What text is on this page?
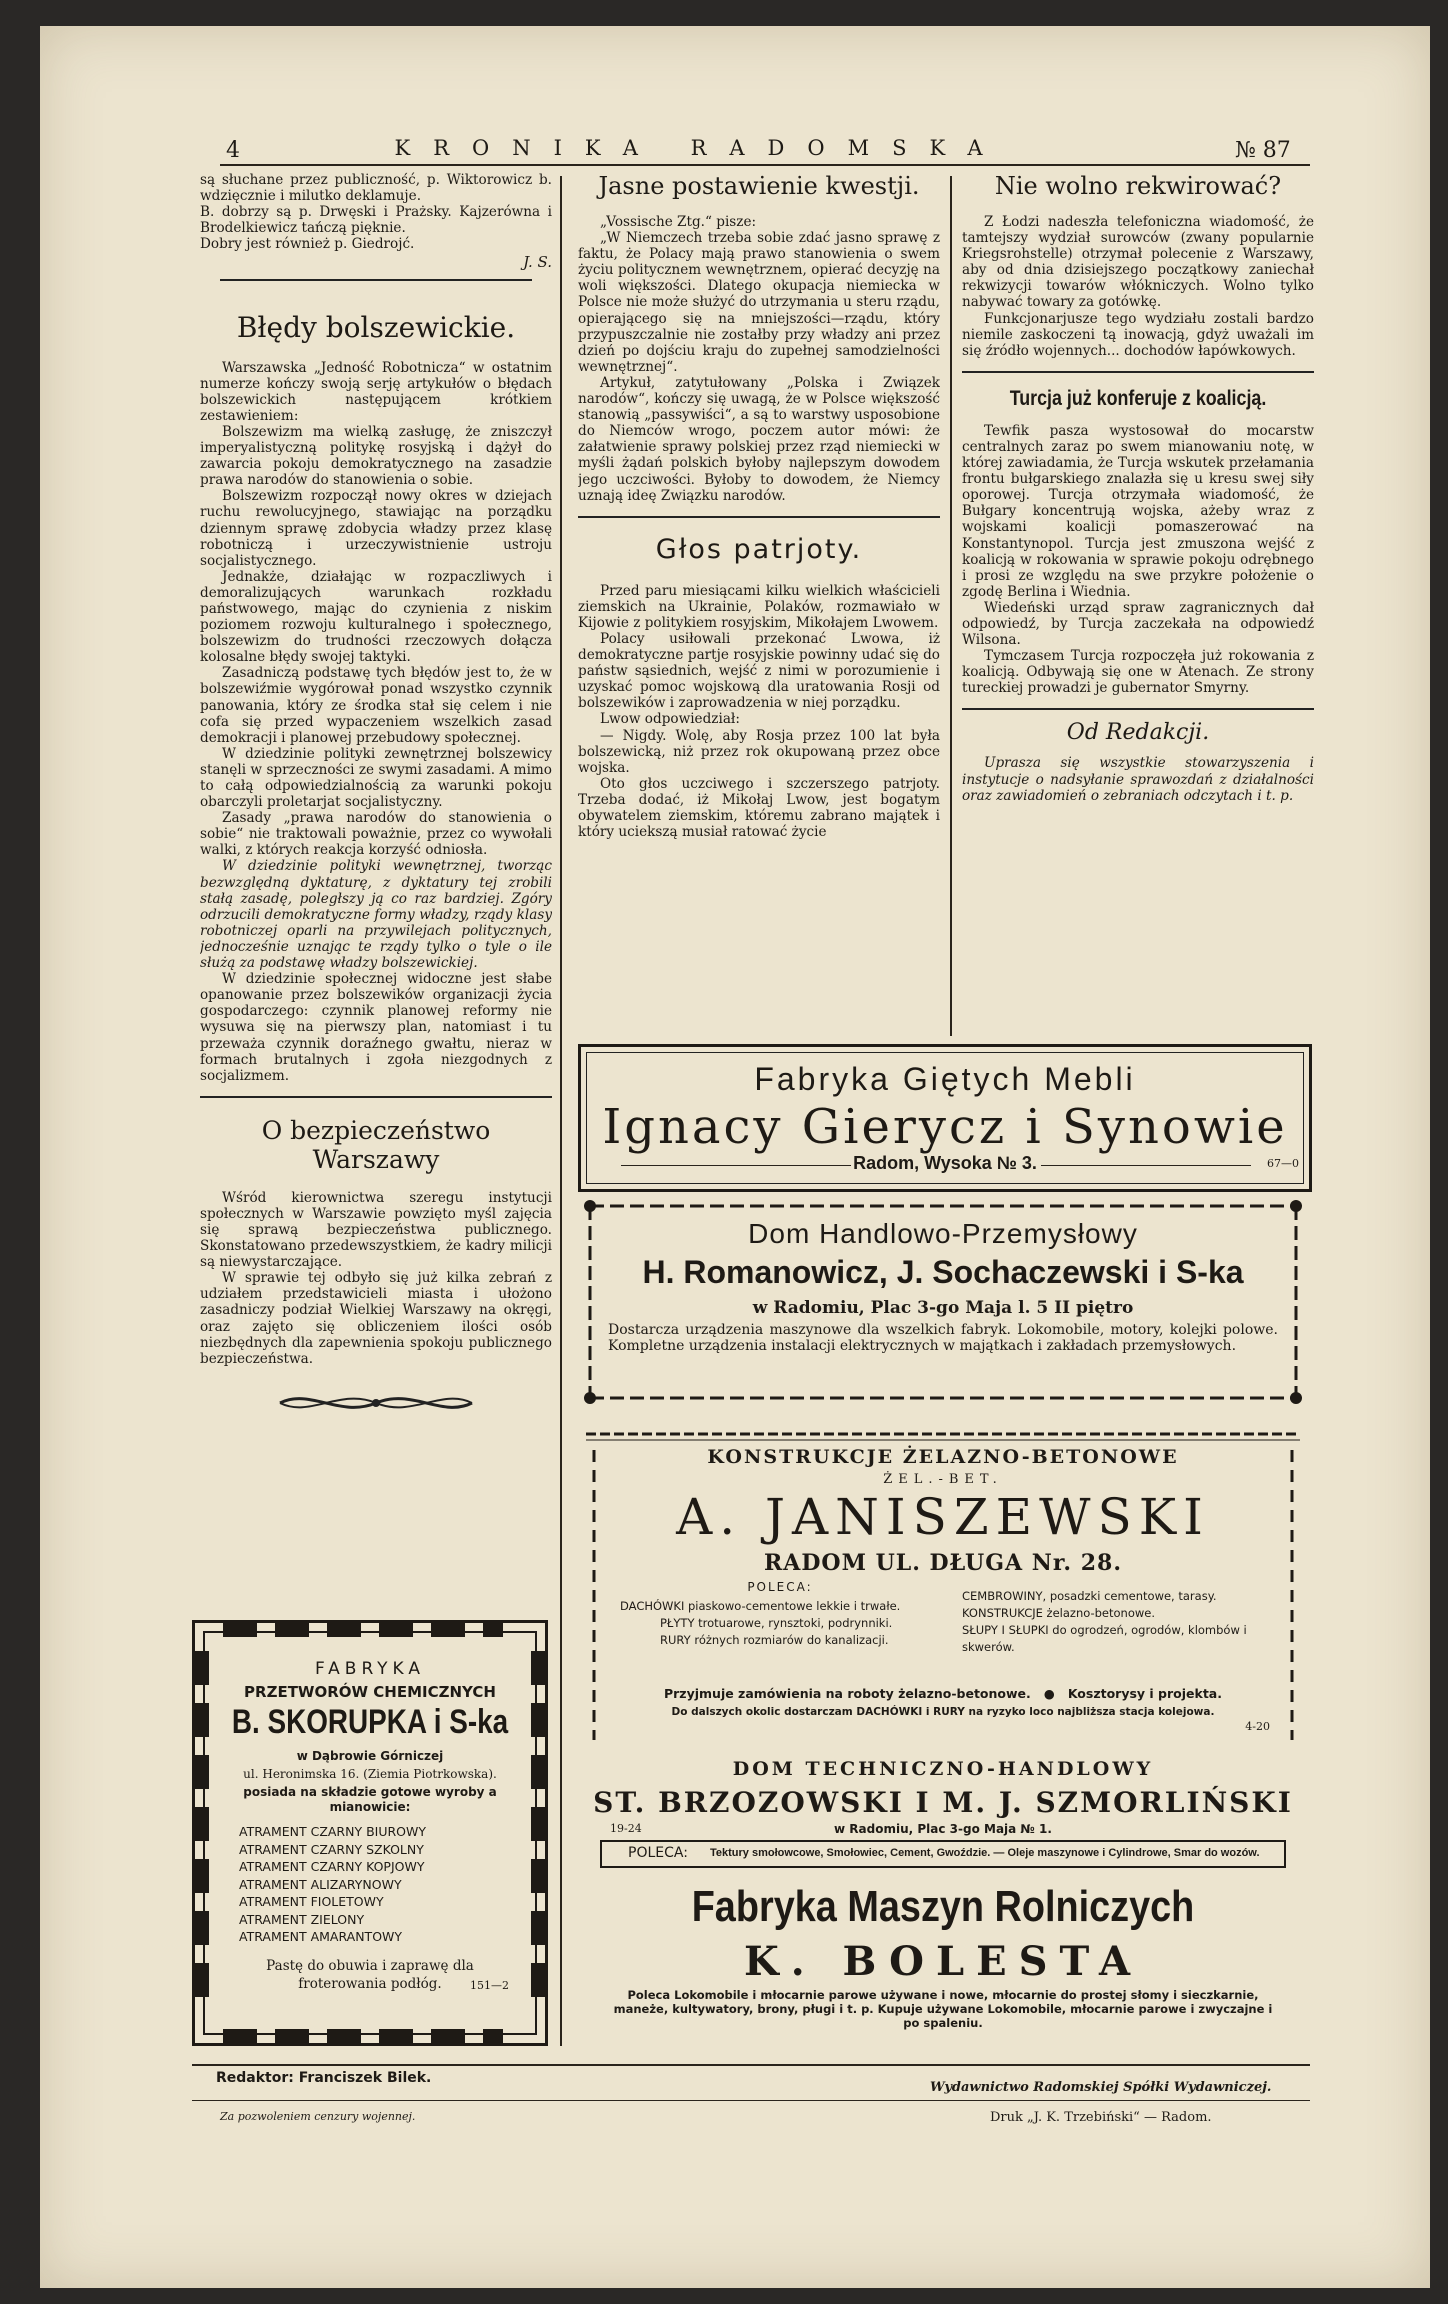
4	KRONIKA RADOMSKA	№ 87

są słuchane przez publiczność, p. Wiktorowicz b. wdzięcznie i milutko deklamuje.

B. dobrzy są p. Drwęski i Prażsky. Kajzerówna i Brodelkiewicz tańczą pięknie.

Dobry jest również p. Giedrojć.

J. S.
Błędy bolszewickie.

Warszawska „Jedność Robotnicza“ w ostatnim numerze kończy swoją serję artykułów o błędach bolszewickich następującem krótkiem zestawieniem:

Bolszewizm ma wielką zasługę, że zniszczył imperyalistyczną politykę rosyjską i dążył do zawarcia pokoju demokratycznego na zasadzie prawa narodów do stanowienia o sobie.

Bolszewizm rozpoczął nowy okres w dziejach ruchu rewolucyjnego, stawiając na porządku dziennym sprawę zdobycia władzy przez klasę robotniczą i urzeczywistnienie ustroju socjalistycznego.

Jednakże, działając w rozpaczliwych i demoralizujących warunkach rozkładu państwowego, mając do czynienia z niskim poziomem rozwoju kulturalnego i społecznego, bolszewizm do trudności rzeczowych dołącza kolosalne błędy swojej taktyki.

Zasadniczą podstawę tych błędów jest to, że w bolszewiźmie wygórował ponad wszystko czynnik panowania, który ze środka stał się celem i nie cofa się przed wypaczeniem wszelkich zasad demokracji i planowej przebudowy społecznej.

W dziedzinie polityki zewnętrznej bolszewicy stanęli w sprzeczności ze swymi zasadami. A mimo to całą odpowiedzialnością za warunki pokoju obarczyli proletarjat socjalistyczny.

Zasady „prawa narodów do stanowienia o sobie“ nie traktowali poważnie, przez co wywołali walki, z których reakcja korzyść odniosła.

W dziedzinie polityki wewnętrznej, tworząc bezwzględną dyktaturę, z dyktatury tej zrobili stałą zasadę, poległszy ją co raz bardziej. Zgóry odrzucili demokratyczne formy władzy, rządy klasy robotniczej oparli na przywilejach politycznych, jednocześnie uznając te rządy tylko o tyle o ile służą za podstawę władzy bolszewickiej.

W dziedzinie społecznej widoczne jest słabe opanowanie przez bolszewików organizacji życia gospodarczego: czynnik planowej reformy nie wysuwa się na pierwszy plan, natomiast i tu przeważa czynnik doraźnego gwałtu, nieraz w formach brutalnych i zgoła niezgodnych z socjalizmem.

O bezpieczeństwo Warszawy

Wśród kierownictwa szeregu instytucji społecznych w Warszawie powzięto myśl zajęcia się sprawą bezpieczeństwa publicznego. Skonstatowano przedewszystkiem, że kadry milicji są niewystarczające.

W sprawie tej odbyło się już kilka zebrań z udziałem przedstawicieli miasta i ułożono zasadniczy podział Wielkiej Warszawy na okręgi, oraz zajęto się obliczeniem ilości osób niezbędnych dla zapewnienia spokoju publicznego bezpieczeństwa.

Jasne postawienie kwestji.

„Vossische Ztg.“ pisze:

„W Niemczech trzeba sobie zdać jasno sprawę z faktu, że Polacy mają prawo stanowienia o swem życiu politycznem wewnętrznem, opierać decyzję na woli większości. Dlatego okupacja niemiecka w Polsce nie może służyć do utrzymania u steru rządu, opierającego się na mniejszości—rządu, który przypuszczalnie nie zostałby przy władzy ani przez dzień po dojściu kraju do zupełnej samodzielności wewnętrznej“.

Artykuł, zatytułowany „Polska i Związek narodów“, kończy się uwagą, że w Polsce większość stanowią „passywiści“, a są to warstwy usposobione do Niemców wrogo, poczem autor mówi: że załatwienie sprawy polskiej przez rząd niemiecki w myśli żądań polskich byłoby najlepszym dowodem jego uczciwości. Byłoby to dowodem, że Niemcy uznają ideę Związku narodów.

Głos patrjoty.

Przed paru miesiącami kilku wielkich właścicieli ziemskich na Ukrainie, Polaków, rozmawiało w Kijowie z politykiem rosyjskim, Mikołajem Lwowem.

Polacy usiłowali przekonać Lwowa, iż demokratyczne partje rosyjskie powinny udać się do państw sąsiednich, wejść z nimi w porozumienie i uzyskać pomoc wojskową dla uratowania Rosji od bolszewików i zaprowadzenia w niej porządku.

Lwow odpowiedział:

— Nigdy. Wolę, aby Rosja przez 100 lat była bolszewicką, niż przez rok okupowaną przez obce wojska.

Oto głos uczciwego i szczerszego patrjoty. Trzeba dodać, iż Mikołaj Lwow, jest bogatym obywatelem ziemskim, któremu zabrano majątek i który uciekszą musiał ratować życie

Nie wolno rekwirować?

Z Łodzi nadeszła telefoniczna wiadomość, że tamtejszy wydział surowców (zwany popularnie Kriegsrohstelle) otrzymał polecenie z Warszawy, aby od dnia dzisiejszego początkowy zaniechał rekwizycji towarów włókniczych. Wolno tylko nabywać towary za gotówkę.

Funkcjonarjusze tego wydziału zostali bardzo niemile zaskoczeni tą inowacją, gdyż uważali im się źródło wojennych... dochodów łapówkowych.

Turcja już konferuje z koalicją.

Tewfik pasza wystosował do mocarstw centralnych zaraz po swem mianowaniu notę, w której zawiadamia, że Turcja wskutek przełamania frontu bułgarskiego znalazła się u kresu swej siły oporowej. Turcja otrzymała wiadomość, że Bułgary koncentrują wojska, ażeby wraz z wojskami koalicji pomaszerować na Konstantynopol. Turcja jest zmuszona wejść z koalicją w rokowania w sprawie pokoju odrębnego i prosi ze względu na swe przykre położenie o zgodę Berlina i Wiednia.

Wiedeński urząd spraw zagranicznych dał odpowiedź, by Turcja zaczekała na odpowiedź Wilsona.

Tymczasem Turcja rozpoczęła już rokowania z koalicją. Odbywają się one w Atenach. Ze strony tureckiej prowadzi je gubernator Smyrny.

Od Redakcji.

Uprasza się wszystkie stowarzyszenia i instytucje o nadsyłanie sprawozdań z działalności oraz zawiadomień o zebraniach odczytach i t. p.

Fabryka Giętych Mebli
Ignacy Gierycz i Synowie
Radom, Wysoka № 3.	67—0
Dom Handlowo-Przemysłowy
H. Romanowicz, J. Sochaczewski i S-ka
w Radomiu, Plac 3-go Maja l. 5 II piętro
Dostarcza urządzenia maszynowe dla wszelkich fabryk. Lokomobile, motory, kolejki polowe. Kompletne urządzenia instalacji elektrycznych w majątkach i zakładach przemysłowych.
KONSTRUKCJE ŻELAZNO-BETONOWE
ŻEL.-BET.
A. JANISZEWSKI
RADOM UL. DŁUGA Nr. 28.
POLECA:
DACHÓWKI piaskowo-cementowe lekkie i trwałe.
PŁYTY trotuarowe, rynsztoki, podrynniki.
RURY różnych rozmiarów do kanalizacji.
CEMBROWINY, posadzki cementowe, tarasy.
KONSTRUKCJE żelazno-betonowe.
SŁUPY I SŁUPKI do ogrodzeń, ogrodów, klombów i skwerów.
Przyjmuje zamówienia na roboty żelazno-betonowe.   ●   Kosztorysy i projekta.
Do dalszych okolic dostarczam DACHÓWKI i RURY na ryzyko loco najbliższa stacja kolejowa.
4-20
DOM TECHNICZNO-HANDLOWY
ST. BRZOZOWSKI I M. J. SZMORLIŃSKI
19-24	w Radomiu, Plac 3-go Maja № 1.
POLECA: Tektury smołowcowe, Smołowiec, Cement, Gwoździe. — Oleje maszynowe i Cylindrowe, Smar do wozów.
Fabryka Maszyn Rolniczych
K. BOLESTA
Poleca Lokomobile i młocarnie parowe używane i nowe, młocarnie do prostej słomy i sieczkarnie, maneże, kultywatory, brony, pługi i t. p. Kupuje używane Lokomobile, młocarnie parowe i zwyczajne i po spaleniu.
FABRYKA
PRZETWORÓW CHEMICZNYCH
B. SKORUPKA i S-ka
w Dąbrowie Górniczej
ul. Heronimska 16. (Ziemia Piotrkowska).
posiada na składzie gotowe wyroby a mianowicie:
ATRAMENT CZARNY BIUROWY
ATRAMENT CZARNY SZKOLNY
ATRAMENT CZARNY KOPJOWY
ATRAMENT ALIZARYNOWY
ATRAMENT FIOLETOWY
ATRAMENT ZIELONY
ATRAMENT AMARANTOWY
Pastę do obuwia i zaprawę dla froterowania podłóg.	151—2
Redaktor: Franciszek Bilek.
Wydawnictwo Radomskiej Spółki Wydawniczej.
Za pozwoleniem cenzury wojennej.	Druk „J. K. Trzebiński“ — Radom.
